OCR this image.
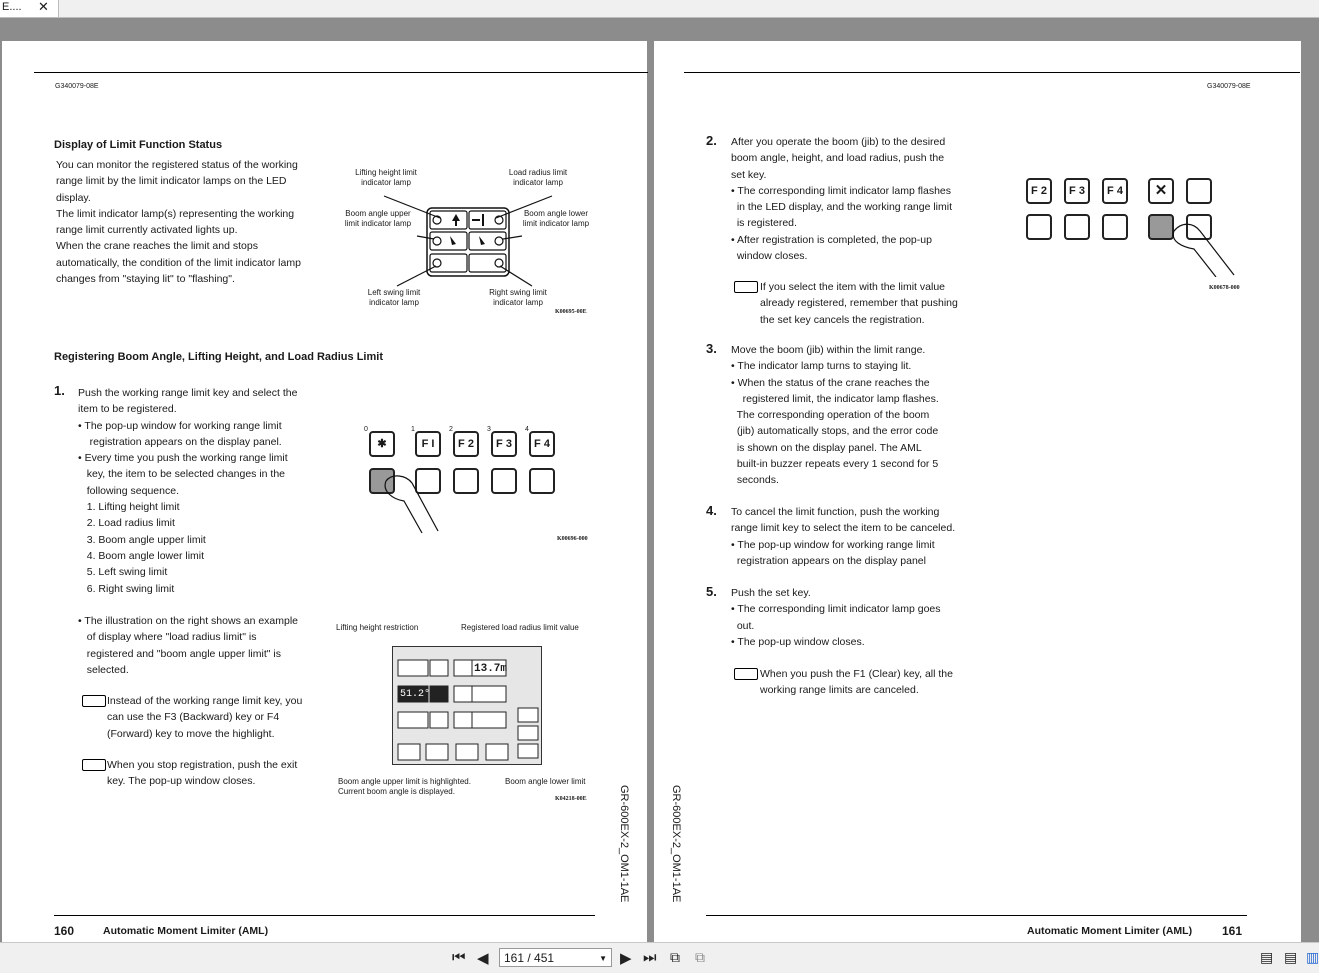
E.... ✕
G340079-08E
Display of Limit Function Status
You can monitor the registered status of the working
range limit by the limit indicator lamps on the LED
display.
The limit indicator lamp(s) representing the working
range limit currently activated lights up.
When the crane reaches the limit and stops
automatically, the condition of the limit indicator lamp
changes from "staying lit" to "flashing".
Lifting height limit
indicator lamp
Load radius limit
indicator lamp
Boom angle upper
limit indicator lamp
Boom angle lower
limit indicator lamp
Left swing limit
indicator lamp
Right swing limit
indicator lamp
K00695-00E
Registering Boom Angle, Lifting Height, and Load Radius Limit
1. Push the working range limit key and select the
item to be registered.
• The pop-up window for working range limit
registration appears on the display panel.
• Every time you push the working range limit
key, the item to be selected changes in the
following sequence.
1. Lifting height limit
2. Load radius limit
3. Boom angle upper limit
4. Boom angle lower limit
5. Left swing limit
6. Right swing limit
0	1	2	3	4
✱	F I	F 2	F 3	F 4
K00696-000
• The illustration on the right shows an example
of display where "load radius limit" is
registered and "boom angle upper limit" is
selected.
Instead of the working range limit key, you
can use the F3 (Backward) key or F4
(Forward) key to move the highlight.
When you stop registration, push the exit
key. The pop-up window closes.
Lifting height restriction	Registered load radius limit value
13.7m
51.2°
Boom angle upper limit is highlighted.
Current boom angle is displayed.
Boom angle lower limit
K04218-00E	GR-600EX-2_OM1-1AE
160	Automatic Moment Limiter (AML)
G340079-08E
2. After you operate the boom (jib) to the desired
boom angle, height, and load radius, push the
set key.
• The corresponding limit indicator lamp flashes
in the LED display, and the working range limit
is registered.
• After registration is completed, the pop-up
window closes.
If you select the item with the limit value
already registered, remember that pushing
the set key cancels the registration.
F 2	F 3	F 4	✕
K00678-000
3. Move the boom (jib) within the limit range.
• The indicator lamp turns to staying lit.
• When the status of the crane reaches the
registered limit, the indicator lamp flashes.
The corresponding operation of the boom
(jib) automatically stops, and the error code
is shown on the display panel. The AML
built-in buzzer repeats every 1 second for 5
seconds.
4. To cancel the limit function, push the working
range limit key to select the item to be canceled.
• The pop-up window for working range limit
registration appears on the display panel
5. Push the set key.
• The corresponding limit indicator lamp goes
out.
• The pop-up window closes.
When you push the F1 (Clear) key, all the
working range limits are canceled.
GR-600EX-2_OM1-1AE
Automatic Moment Limiter (AML) 161
⏮ ◀	161 / 451	▼ ▶ ⏭ ⧉ ⧉	▤ ▤ ▥
